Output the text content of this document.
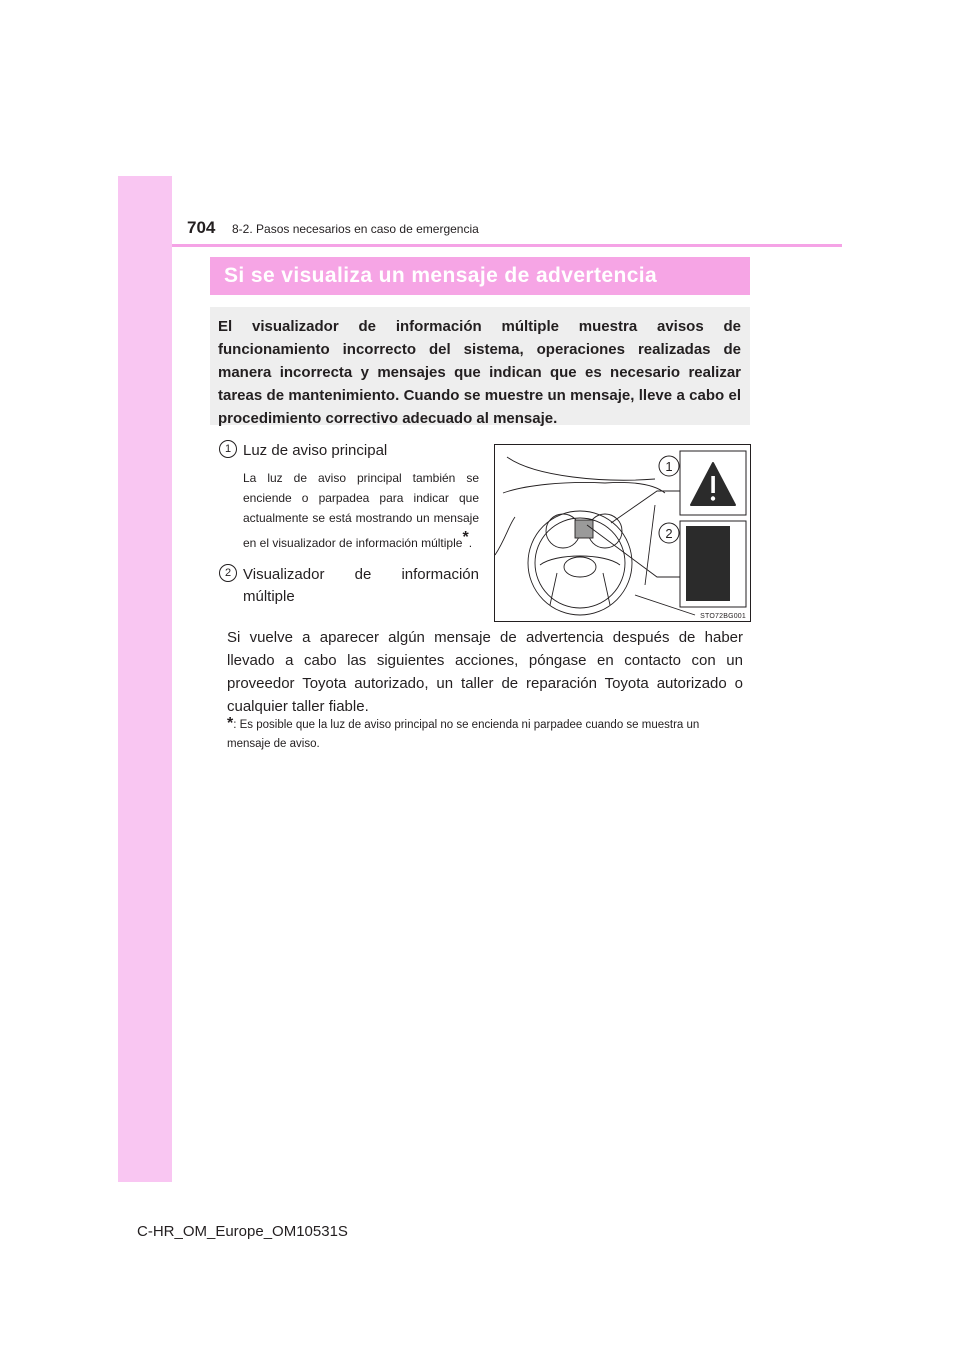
704 8-2. Pasos necesarios en caso de emergencia
Si se visualiza un mensaje de advertencia
El visualizador de información múltiple muestra avisos de funcionamiento incorrecto del sistema, operaciones realizadas de manera incorrecta y mensajes que indican que es necesario realizar tareas de mantenimiento. Cuando se muestre un mensaje, lleve a cabo el procedimiento correctivo adecuado al mensaje.
1 Luz de aviso principal
La luz de aviso principal también se enciende o parpadea para indicar que actualmente se está mostrando un mensaje en el visualizador de información múltiple*.
2 Visualizador de información múltiple
1
2
STO72BG001
Si vuelve a aparecer algún mensaje de advertencia después de haber llevado a cabo las siguientes acciones, póngase en contacto con un proveedor Toyota autorizado, un taller de reparación Toyota autorizado o cualquier taller fiable.
*: Es posible que la luz de aviso principal no se encienda ni parpadee cuando se muestra un mensaje de aviso.
C-HR_OM_Europe_OM10531S
